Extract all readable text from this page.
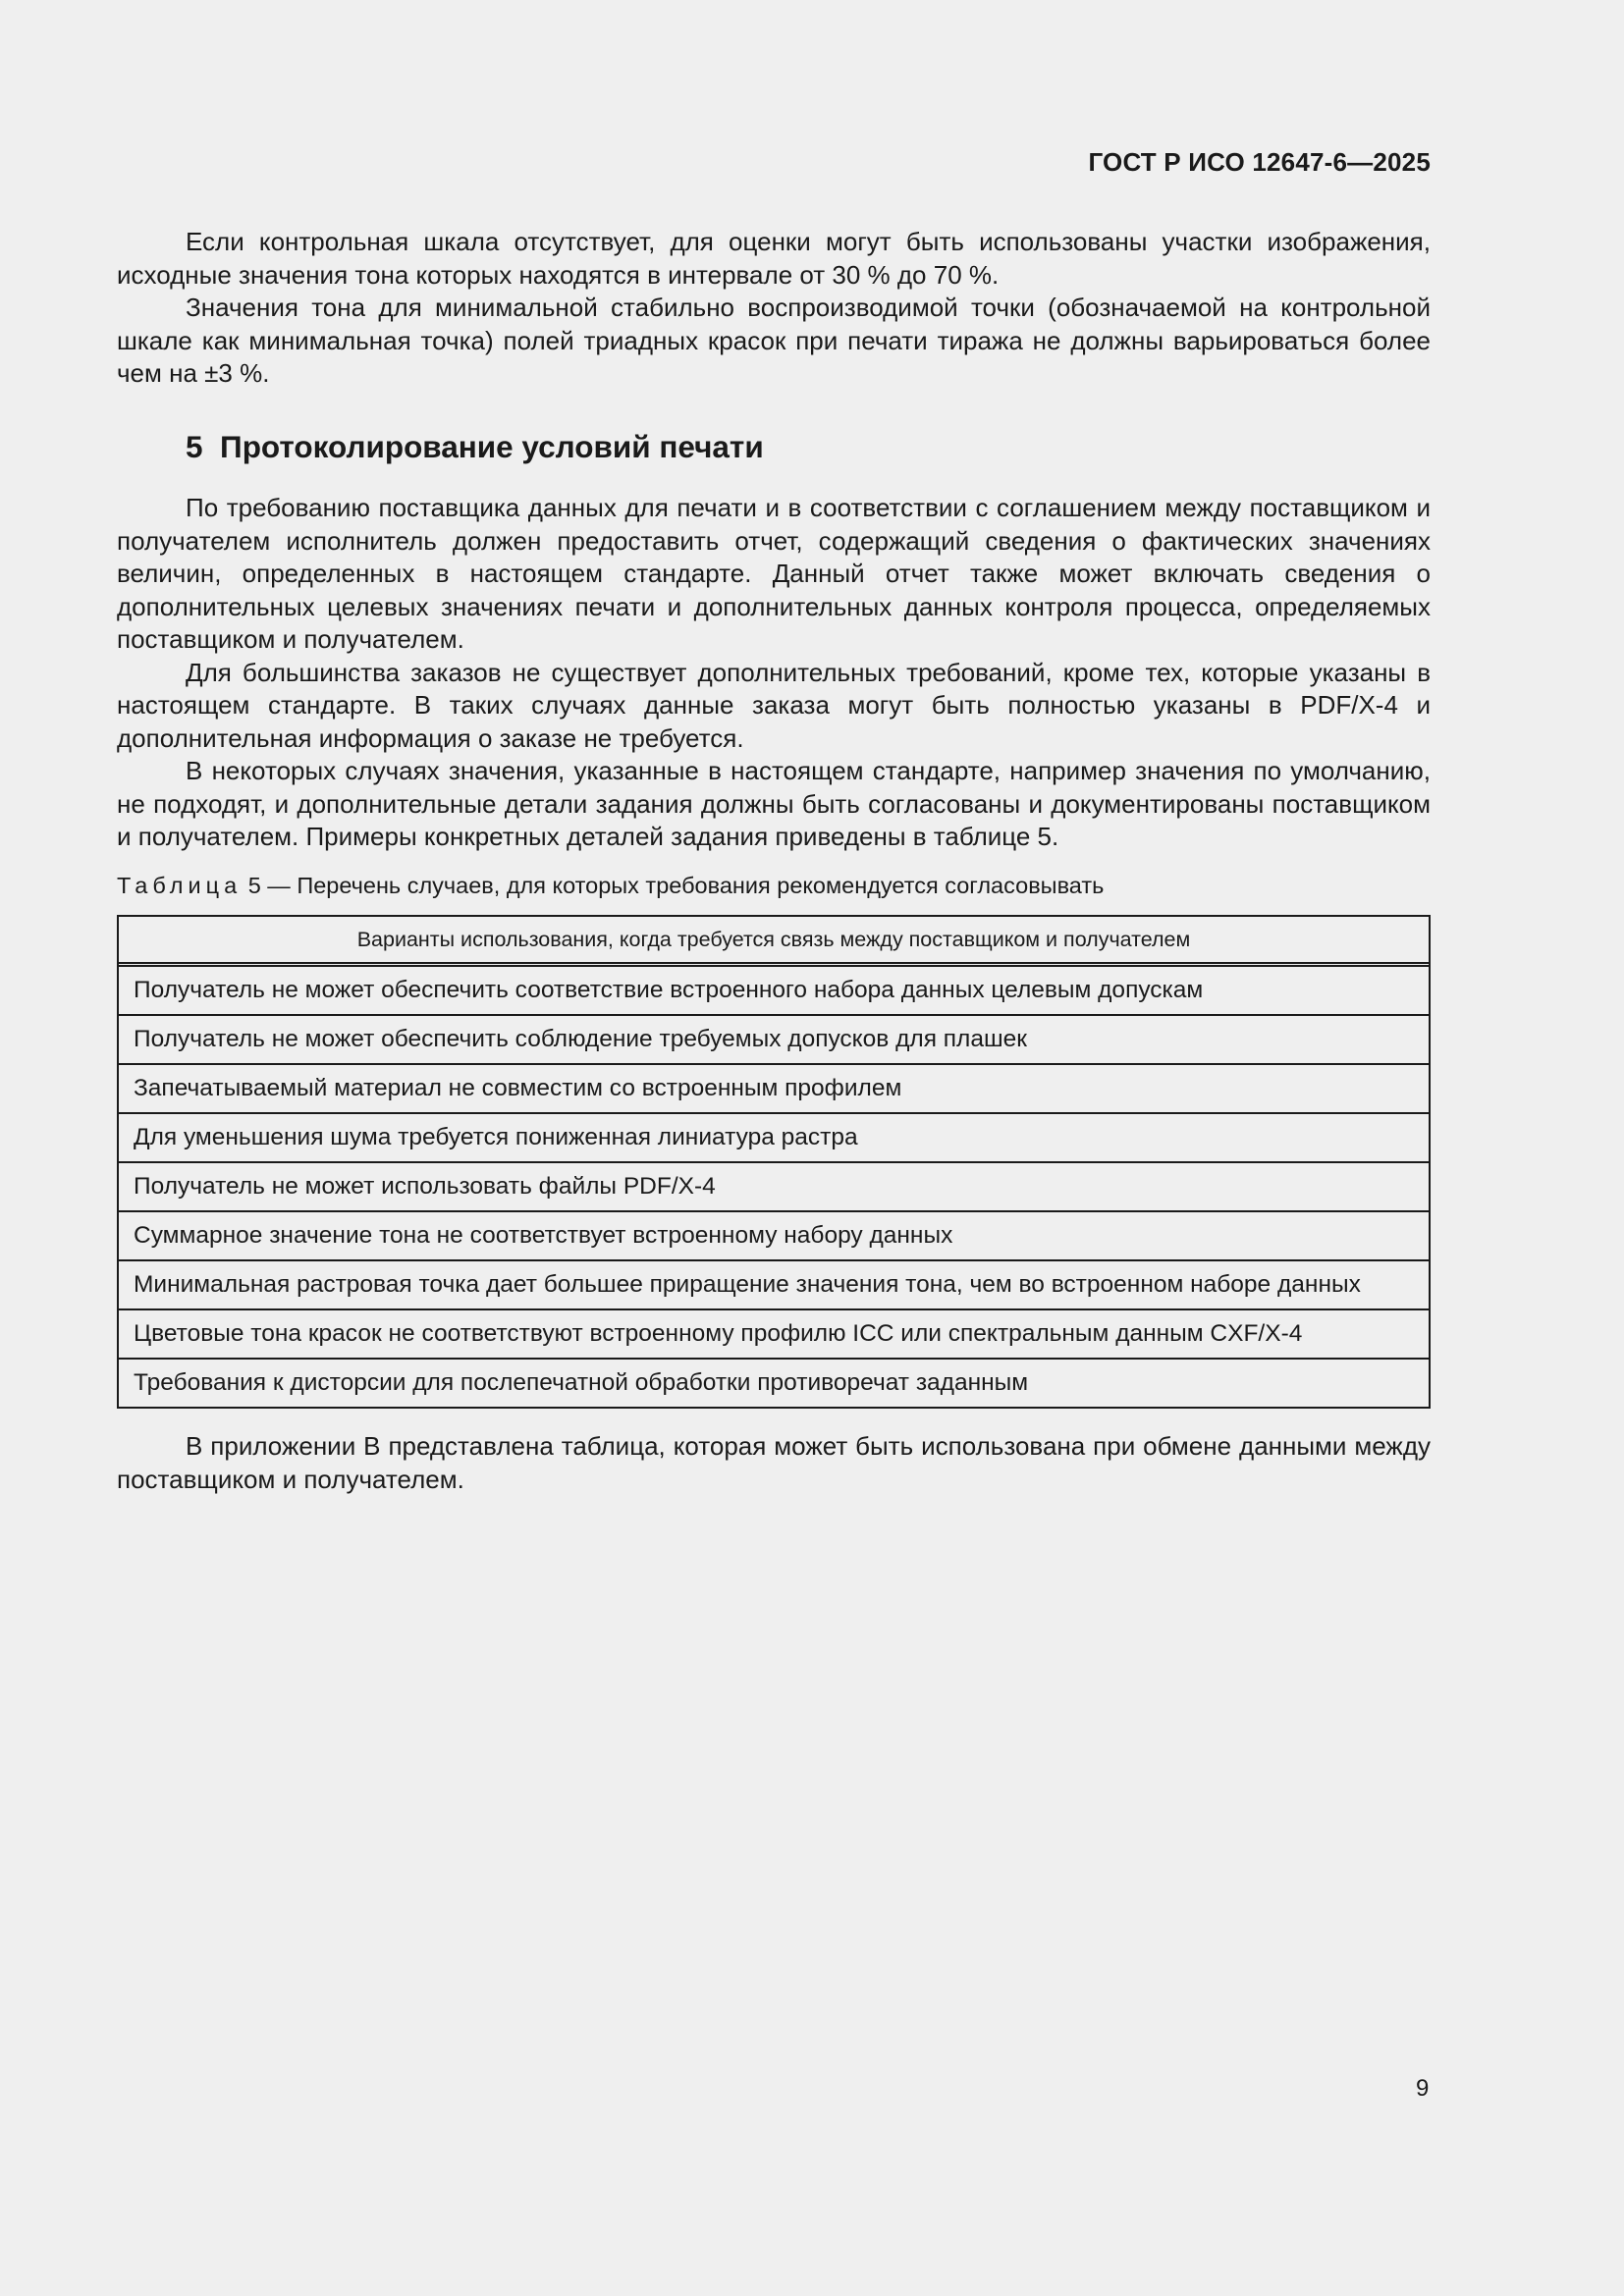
ГОСТ Р ИСО 12647-6—2025

Если контрольная шкала отсутствует, для оценки могут быть использованы участки изображения, исходные значения тона которых находятся в интервале от 30 % до 70 %.

Значения тона для минимальной стабильно воспроизводимой точки (обозначаемой на контрольной шкале как минимальная точка) полей триадных красок при печати тиража не должны варьироваться более чем на ±3 %.

5 Протоколирование условий печати

По требованию поставщика данных для печати и в соответствии с соглашением между поставщиком и получателем исполнитель должен предоставить отчет, содержащий сведения о фактических значениях величин, определенных в настоящем стандарте. Данный отчет также может включать сведения о дополнительных целевых значениях печати и дополнительных данных контроля процесса, определяемых поставщиком и получателем.

Для большинства заказов не существует дополнительных требований, кроме тех, которые указаны в настоящем стандарте. В таких случаях данные заказа могут быть полностью указаны в PDF/X-4 и дополнительная информация о заказе не требуется.

В некоторых случаях значения, указанные в настоящем стандарте, например значения по умолчанию, не подходят, и дополнительные детали задания должны быть согласованы и документированы поставщиком и получателем. Примеры конкретных деталей задания приведены в таблице 5.

Таблица 5 — Перечень случаев, для которых требования рекомендуется согласовывать
Варианты использования, когда требуется связь между поставщиком и получателем
Получатель не может обеспечить соответствие встроенного набора данных целевым допускам
Получатель не может обеспечить соблюдение требуемых допусков для плашек
Запечатываемый материал не совместим со встроенным профилем
Для уменьшения шума требуется пониженная линиатура растра
Получатель не может использовать файлы PDF/X-4
Суммарное значение тона не соответствует встроенному набору данных
Минимальная растровая точка дает большее приращение значения тона, чем во встроенном наборе данных
Цветовые тона красок не соответствуют встроенному профилю ICC или спектральным данным CXF/X-4
Требования к дисторсии для послепечатной обработки противоречат заданным

В приложении В представлена таблица, которая может быть использована при обмене данными между поставщиком и получателем.

9
